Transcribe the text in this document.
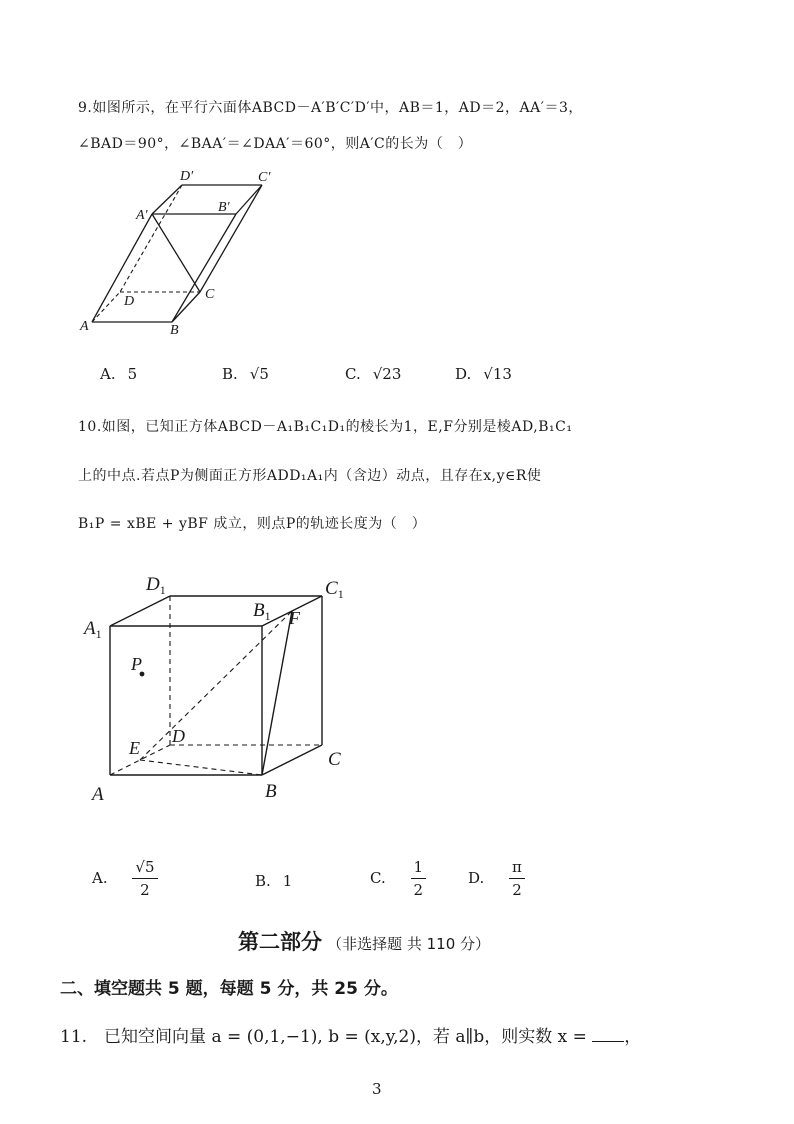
9.如图所示，在平行六面体ABCD－A′B′C′D′中，AB＝1，AD＝2，AA′＝3，
∠BAD＝90°，∠BAA′＝∠DAA′＝60°，则A′C的长为（　）
D′	C′
A′
B′
D	C
A	B
A. 5	B. √5	C. √23	D. √13
10.如图，已知正方体ABCD－A₁B₁C₁D₁的棱长为1，E,F分别是棱AD,B₁C₁
上的中点.若点P为侧面正方形ADD₁A₁内（含边）动点，且存在x,y∈R使
B₁P = xBE + yBF 成立，则点P的轨迹长度为（　）
$D_1$	$C_1$
$A_1$
$B_1$ F
P
E
D
C
A	B
A. $\frac{√5}{2}$	B. 1	C. $\frac{1}{2}$	D. $\frac{\pi}{2}$
第二部分 （非选择题 共 110 分）
二、填空题共 5 题，每题 5 分，共 25 分。
11.　已知空间向量 a = (0,1,−1), b = (x,y,2)，若 a∥b，则实数 x = ，
3
